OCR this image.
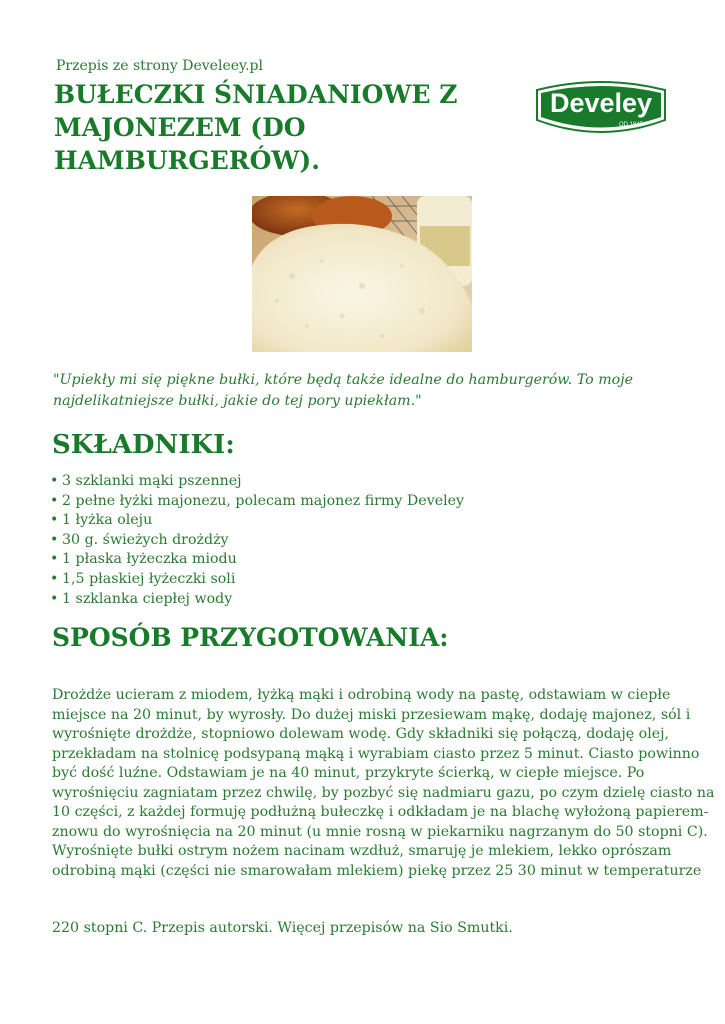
Przepis ze strony Develeey.pl
BUŁECZKI ŚNIADANIOWE Z MAJONEZEM (DO HAMBURGERÓW).
Develey
OD 1845

"Upiekły mi się piękne bułki, które będą także idealne do hamburgerów. To moje najdelikatniejsze bułki, jakie do tej pory upiekłam."

SKŁADNIKI:
• 3 szklanki mąki pszennej
• 2 pełne łyżki majonezu, polecam majonez firmy Develey
• 1 łyżka oleju
• 30 g. świeżych drożdży
• 1 płaska łyżeczka miodu
• 1,5 płaskiej łyżeczki soli
• 1 szklanka ciepłej wody
SPOSÓB PRZYGOTOWANIA:

Drożdże ucieram z miodem, łyżką mąki i odrobiną wody na pastę, odstawiam w ciepłe
miejsce na 20 minut, by wyrosły. Do dużej miski przesiewam mąkę, dodaję majonez, sól i
wyrośnięte drożdże, stopniowo dolewam wodę. Gdy składniki się połączą, dodaję olej,
przekładam na stolnicę podsypaną mąką i wyrabiam ciasto przez 5 minut. Ciasto powinno
być dość luźne. Odstawiam je na 40 minut, przykryte ścierką, w ciepłe miejsce. Po
wyrośnięciu zagniatam przez chwilę, by pozbyć się nadmiaru gazu, po czym dzielę ciasto na
10 części, z każdej formuję podłużną bułeczkę i odkładam je na blachę wyłożoną papierem-
znowu do wyrośnięcia na 20 minut (u mnie rosną w piekarniku nagrzanym do 50 stopni C).
Wyrośnięte bułki ostrym nożem nacinam wzdłuż, smaruję je mlekiem, lekko oprószam
odrobiną mąki (części nie smarowałam mlekiem) piekę przez 25 30 minut w temperaturze

220 stopni C. Przepis autorski. Więcej przepisów na Sio Smutki.
